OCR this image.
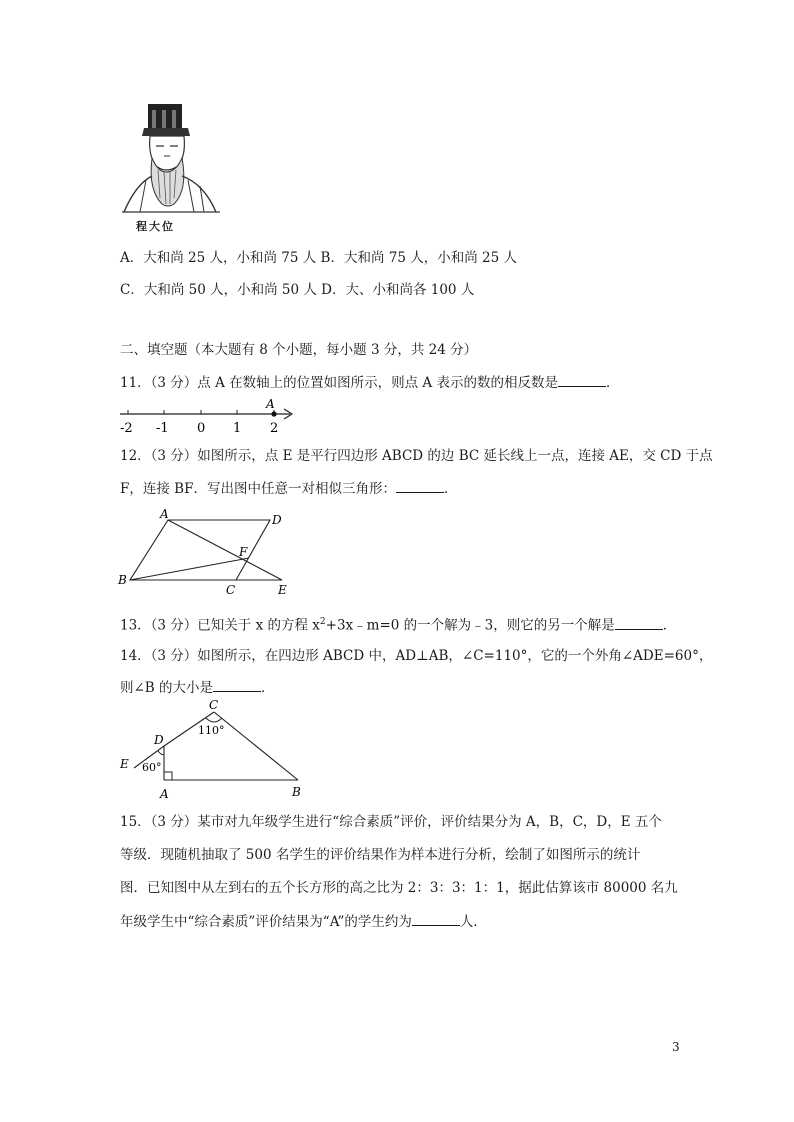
程大位
A．大和尚 25 人，小和尚 75 人 B．大和尚 75 人，小和尚 25 人
C．大和尚 50 人，小和尚 50 人 D．大、小和尚各 100 人
二、填空题（本大题有 8 个小题，每小题 3 分，共 24 分）
11．（3 分）点 A 在数轴上的位置如图所示，则点 A 表示的数的相反数是	．
A
-2 -1 0 1 2
12．（3 分）如图所示，点 E 是平行四边形 ABCD 的边 BC 延长线上一点，连接 AE，交 CD 于点
F，连接 BF．写出图中任意一对相似三角形：	．
A	D
B
C	E
F
13．（3 分）已知关于 x 的方程 $x^2+3x﹣m=0$ 的一个解为﹣3，则它的另一个解是	．
14．（3 分）如图所示，在四边形 ABCD 中，AD⊥AB，∠C=110°，它的一个外角∠ADE=60°，
则∠B 的大小是	．
C
110°
D
60°
E
A	B
15．（3 分）某市对九年级学生进行“综合素质”评价，评价结果分为 A，B，C，D，E 五个
等级．现随机抽取了 500 名学生的评价结果作为样本进行分析，绘制了如图所示的统计
图．已知图中从左到右的五个长方形的高之比为 2：3：3：1：1，据此估算该市 80000 名九
年级学生中“综合素质”评价结果为“A”的学生约为	人．
3
